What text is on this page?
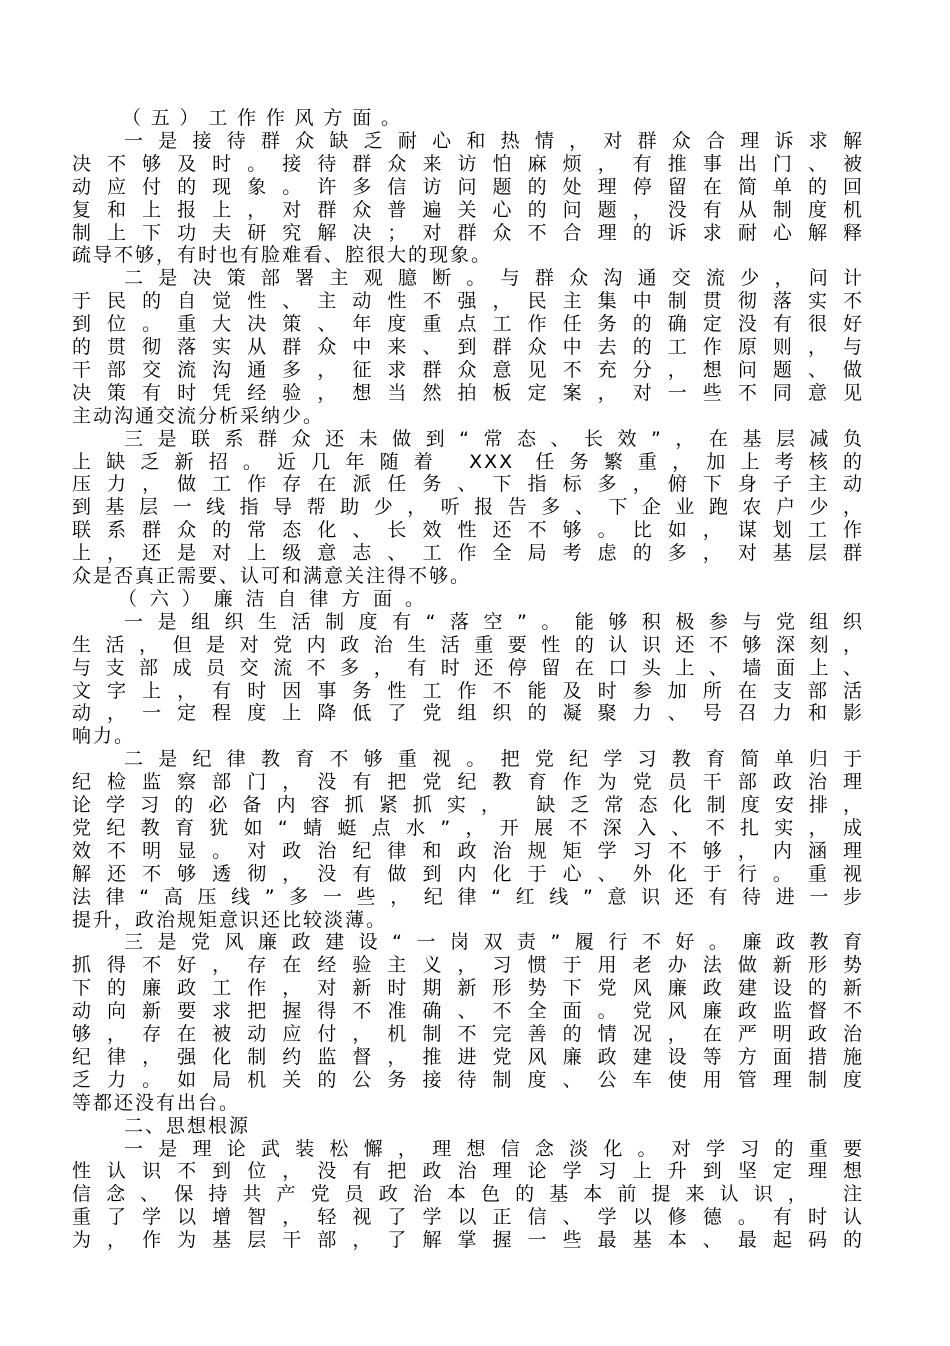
（五）工作作风方面。
一是接待群众缺乏耐心和热情，对群众合理诉求解
决不够及时。接待群众来访怕麻烦，有推事出门、被
动应付的现象。许多信访问题的处理停留在简单的回
复和上报上，对群众普遍关心的问题，没有从制度机
制上下功夫研究解决；对群众不合理的诉求耐心解释
疏导不够，有时也有脸难看、腔很大的现象。
二是决策部署主观臆断。与群众沟通交流少，问计
于民的自觉性、主动性不强，民主集中制贯彻落实不
到位。重大决策、年度重点工作任务的确定没有很好
的贯彻落实从群众中来、到群众中去的工作原则，与
干部交流沟通多，征求群众意见不充分，想问题、做
决策有时凭经验，想当然拍板定案，对一些不同意见
主动沟通交流分析采纳少。
三是联系群众还未做到“常态、长效”，在基层减负
上缺乏新招。近几年随着 XXX 任务繁重，加上考核的
压力，做工作存在派任务、下指标多，俯下身子主动
到基层一线指导帮助少，听报告多、下企业跑农户少，
联系群众的常态化、长效性还不够。比如，谋划工作
上，还是对上级意志、工作全局考虑的多，对基层群
众是否真正需要、认可和满意关注得不够。
（六）廉洁自律方面。
一是组织生活制度有“落空”。能够积极参与党组织
生活，但是对党内政治生活重要性的认识还不够深刻，
与支部成员交流不多，有时还停留在口头上、墙面上、
文字上，有时因事务性工作不能及时参加所在支部活
动，一定程度上降低了党组织的凝聚力、号召力和影
响力。
二是纪律教育不够重视。把党纪学习教育简单归于
纪检监察部门，没有把党纪教育作为党员干部政治理
论学习的必备内容抓紧抓实， 缺乏常态化制度安排，
党纪教育犹如“蜻蜓点水”，开展不深入、不扎实，成
效不明显。对政治纪律和政治规矩学习不够，内涵理
解还不够透彻，没有做到内化于心、外化于行。重视
法律“高压线”多一些，纪律“红线”意识还有待进一步
提升，政治规矩意识还比较淡薄。
三是党风廉政建设“一岗双责”履行不好。廉政教育
抓得不好，存在经验主义，习惯于用老办法做新形势
下的廉政工作，对新时期新形势下党风廉政建设的新
动向新要求把握得不准确、不全面。党风廉政监督不
够，存在被动应付，机制不完善的情况，在严明政治
纪律，强化制约监督，推进党风廉政建设等方面措施
乏力。如局机关的公务接待制度、公车使用管理制度
等都还没有出台。
二、思想根源
一是理论武装松懈，理想信念淡化。对学习的重要
性认识不到位，没有把政治理论学习上升到坚定理想
信念、保持共产党员政治本色的基本前提来认识， 注
重了学以增智，轻视了学以正信、学以修德。有时认
为，作为基层干部，了解掌握一些最基本、最起码的
